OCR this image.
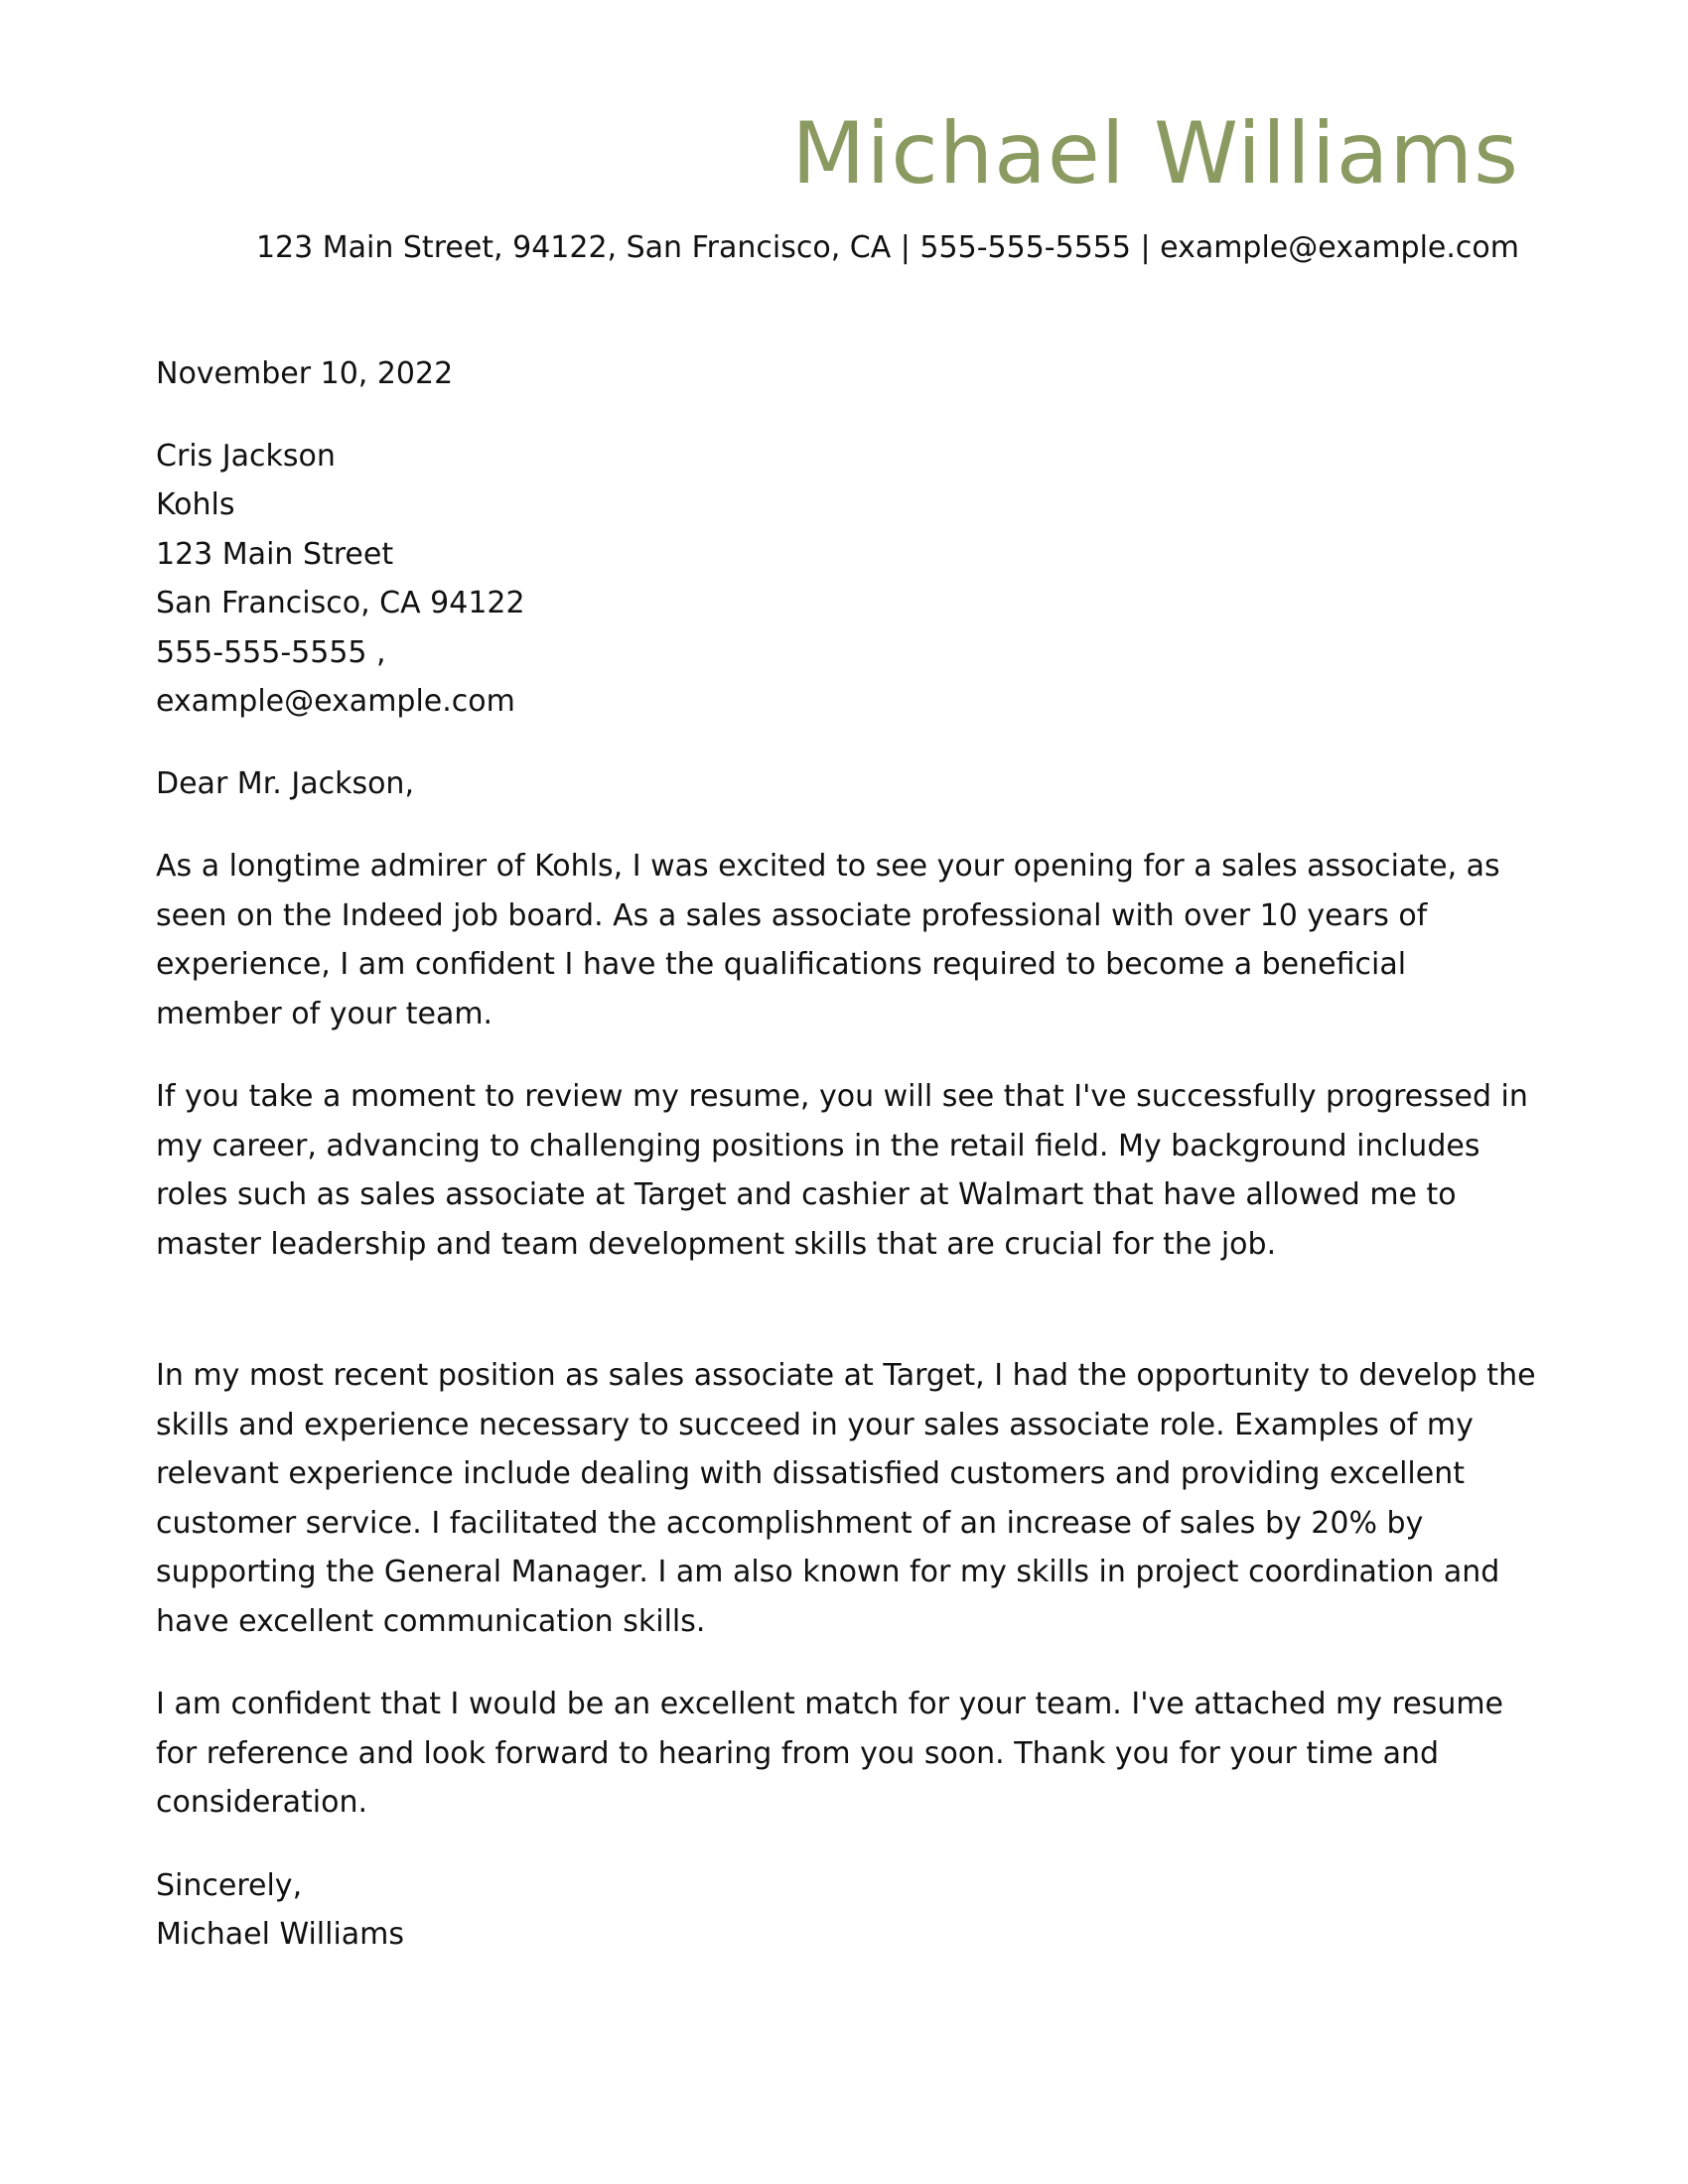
Michael Williams
123 Main Street, 94122, San Francisco, CA | 555-555-5555 | example@example.com
November 10, 2022
Cris Jackson
Kohls
123 Main Street
San Francisco, CA 94122
555-555-5555 ,
example@example.com
Dear Mr. Jackson,
As a longtime admirer of Kohls, I was excited to see your opening for a sales associate, as seen on the Indeed job board. As a sales associate professional with over 10 years of experience, I am confident I have the qualifications required to become a beneficial member of your team.
If you take a moment to review my resume, you will see that I've successfully progressed in my career, advancing to challenging positions in the retail field. My background includes roles such as sales associate at Target and cashier at Walmart that have allowed me to master leadership and team development skills that are crucial for the job.
In my most recent position as sales associate at Target, I had the opportunity to develop the skills and experience necessary to succeed in your sales associate role. Examples of my relevant experience include dealing with dissatisfied customers and providing excellent customer service. I facilitated the accomplishment of an increase of sales by 20% by supporting the General Manager. I am also known for my skills in project coordination and have excellent communication skills.
I am confident that I would be an excellent match for your team. I've attached my resume for reference and look forward to hearing from you soon. Thank you for your time and consideration.
Sincerely,
Michael Williams
